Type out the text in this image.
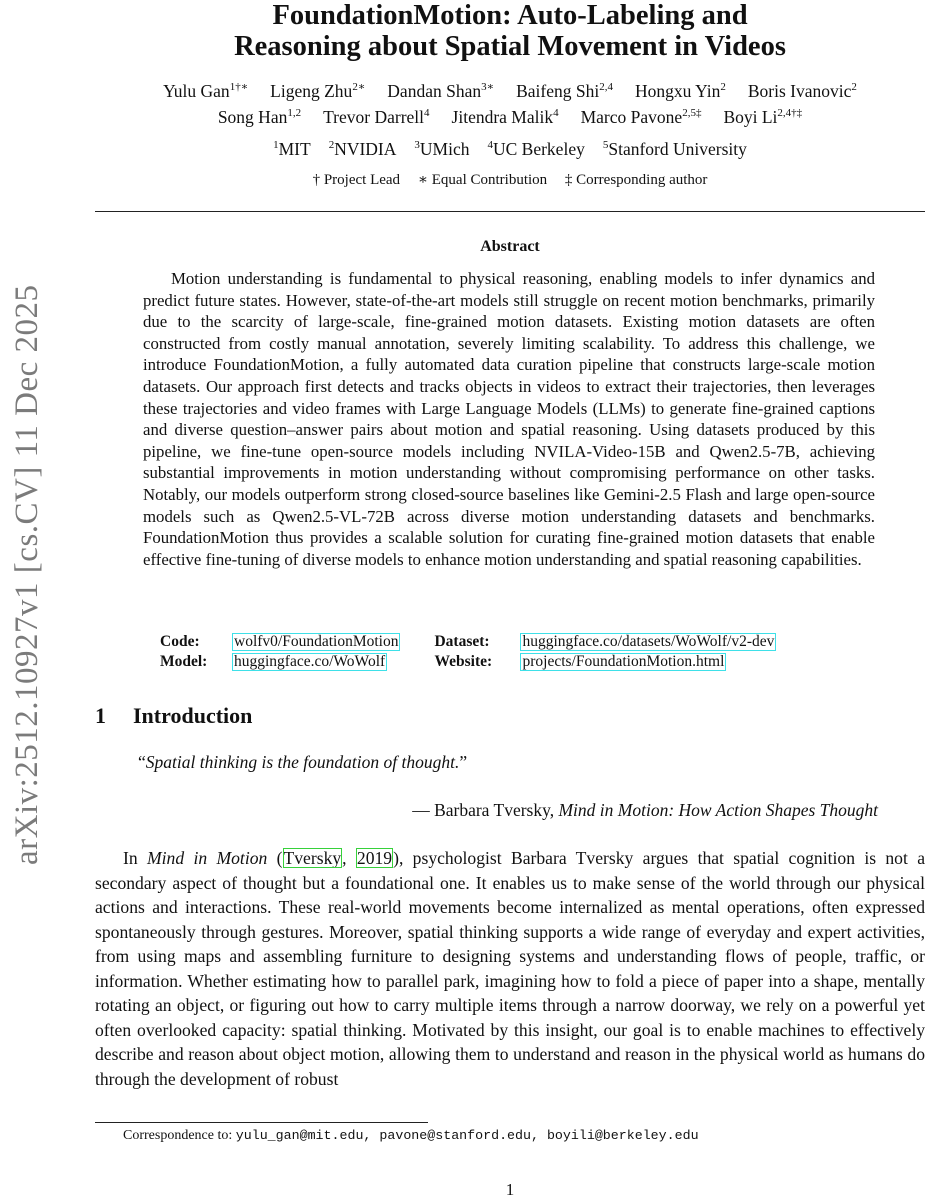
arXiv:2512.10927v1 [cs.CV] 11 Dec 2025
FoundationMotion: Auto-Labeling and
Reasoning about Spatial Movement in Videos
Yulu Gan$^{1\dagger∗}$ Ligeng Zhu$^{2∗}$ Dandan Shan$^{3∗}$ Baifeng Shi$^{2,4}$ Hongxu Yin$^2$ Boris Ivanovic$^2$
Song Han$^{1,2}$ Trevor Darrell$^4$ Jitendra Malik$^4$ Marco Pavone$^{2,5\ddagger}$ Boyi $Li^{2,4\dagger\ddagger}$
$^1$MIT $^2$NVIDIA $^3$UMich $^4$UC Berkeley $^5$Stanford University
† Project Lead ∗ Equal Contribution ‡ Corresponding author
Abstract

Motion understanding is fundamental to physical reasoning, enabling models to infer dynamics and predict future states. However, state-of-the-art models still struggle on recent motion benchmarks, primarily due to the scarcity of large-scale, fine-grained motion datasets. Existing motion datasets are often constructed from costly manual annotation, severely limiting scalability. To address this challenge, we introduce FoundationMotion, a fully automated data curation pipeline that constructs large-scale motion datasets. Our approach first detects and tracks objects in videos to extract their trajectories, then leverages these trajectories and video frames with Large Language Models (LLMs) to generate fine-grained captions and diverse question–answer pairs about motion and spatial reasoning. Using datasets produced by this pipeline, we fine-tune open-source models including NVILA-Video-15B and Qwen2.5-7B, achieving substantial improvements in motion understanding without compromising performance on other tasks. Notably, our models outperform strong closed-source baselines like Gemini-2.5 Flash and large open-source models such as Qwen2.5-VL-72B across diverse motion understanding datasets and benchmarks. FoundationMotion thus provides a scalable solution for curating fine-grained motion datasets that enable effective fine-tuning of diverse models to enhance motion understanding and spatial reasoning capabilities.

Code:	wolfv0/FoundationMotion		Dataset:	huggingface.co/datasets/WoWolf/v2-dev
Model:	huggingface.co/WoWolf		Website:	projects/FoundationMotion.html
1 Introduction
“Spatial thinking is the foundation of thought.”
— Barbara Tversky, Mind in Motion: How Action Shapes Thought

In Mind in Motion (Tversky, 2019), psychologist Barbara Tversky argues that spatial cognition is not a secondary aspect of thought but a foundational one. It enables us to make sense of the world through our physical actions and interactions. These real-world movements become internalized as mental operations, often expressed spontaneously through gestures. Moreover, spatial thinking supports a wide range of everyday and expert activities, from using maps and assembling furniture to designing systems and understanding flows of people, traffic, or information. Whether estimating how to parallel park, imagining how to fold a piece of paper into a shape, mentally rotating an object, or figuring out how to carry multiple items through a narrow doorway, we rely on a powerful yet often overlooked capacity: spatial thinking. Motivated by this insight, our goal is to enable machines to effectively describe and reason about object motion, allowing them to understand and reason in the physical world as humans do through the development of robust

Correspondence to: yulu_gan@mit.edu, pavone@stanford.edu, boyili@berkeley.edu
1
